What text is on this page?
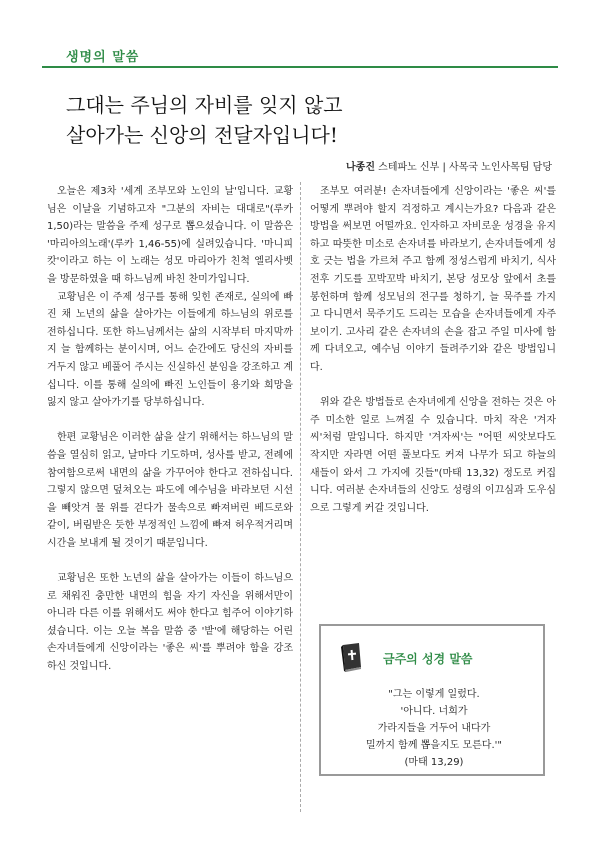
생명의 말씀
그대는 주님의 자비를 잊지 않고
살아가는 신앙의 전달자입니다!
나종진 스테파노 신부 | 사목국 노인사목팀 담당

오늘은 제3차 '세계 조부모와 노인의 날'입니다. 교황님은 이날을 기념하고자 "그분의 자비는 대대로"(루카 1,50)라는 말씀을 주제 성구로 뽑으셨습니다. 이 말씀은 '마리아의노래'(루카 1,46-55)에 실려있습니다. '마니피캇'이라고 하는 이 노래는 성모 마리아가 친척 엘리사벳을 방문하였을 때 하느님께 바친 찬미가입니다.

교황님은 이 주제 성구를 통해 잊힌 존재로, 실의에 빠진 채 노년의 삶을 살아가는 이들에게 하느님의 위로를 전하십니다. 또한 하느님께서는 삶의 시작부터 마지막까지 늘 함께하는 분이시며, 어느 순간에도 당신의 자비를 거두지 않고 베풀어 주시는 신실하신 분임을 강조하고 계십니다. 이를 통해 실의에 빠진 노인들이 용기와 희망을 잃지 않고 살아가기를 당부하십니다.

한편 교황님은 이러한 삶을 살기 위해서는 하느님의 말씀을 열심히 읽고, 날마다 기도하며, 성사를 받고, 전례에 참여함으로써 내면의 삶을 가꾸어야 한다고 전하십니다. 그렇지 않으면 덮쳐오는 파도에 예수님을 바라보던 시선을 빼앗겨 물 위를 걷다가 물속으로 빠져버린 베드로와 같이, 버림받은 듯한 부정적인 느낌에 빠져 허우적거리며 시간을 보내게 될 것이기 때문입니다.

교황님은 또한 노년의 삶을 살아가는 이들이 하느님으로 채워진 충만한 내면의 힘을 자기 자신을 위해서만이 아니라 다른 이를 위해서도 써야 한다고 힘주어 이야기하셨습니다. 이는 오늘 복음 말씀 중 '밭'에 해당하는 어린 손자녀들에게 신앙이라는 '좋은 씨'를 뿌려야 함을 강조하신 것입니다.

조부모 여러분! 손자녀들에게 신앙이라는 '좋은 씨'를 어떻게 뿌려야 할지 걱정하고 계시는가요? 다음과 같은 방법을 써보면 어떨까요. 인자하고 자비로운 성경을 유지하고 따뜻한 미소로 손자녀를 바라보기, 손자녀들에게 성호 긋는 법을 가르쳐 주고 함께 정성스럽게 바치기, 식사 전후 기도를 꼬박꼬박 바치기, 본당 성모상 앞에서 초를 봉헌하며 함께 성모님의 전구를 청하기, 늘 묵주를 가지고 다니면서 묵주기도 드리는 모습을 손자녀들에게 자주 보이기. 고사리 같은 손자녀의 손을 잡고 주일 미사에 함께 다녀오고, 예수님 이야기 들려주기와 같은 방법입니다.

위와 같은 방법들로 손자녀에게 신앙을 전하는 것은 아주 미소한 일로 느껴질 수 있습니다. 마치 작은 '겨자씨'처럼 말입니다. 하지만 '겨자씨'는 "어떤 씨앗보다도 작지만 자라면 어떤 풀보다도 커져 나무가 되고 하늘의 새들이 와서 그 가지에 깃들"(마태 13,32) 정도로 커집니다. 여러분 손자녀들의 신앙도 성령의 이끄심과 도우심으로 그렇게 커갈 것입니다.

금주의 성경 말씀
"그는 이렇게 일렀다.
'아니다. 너희가
가라지들을 거두어 내다가
밀까지 함께 뽑을지도 모른다.'"
(마태 13,29)
